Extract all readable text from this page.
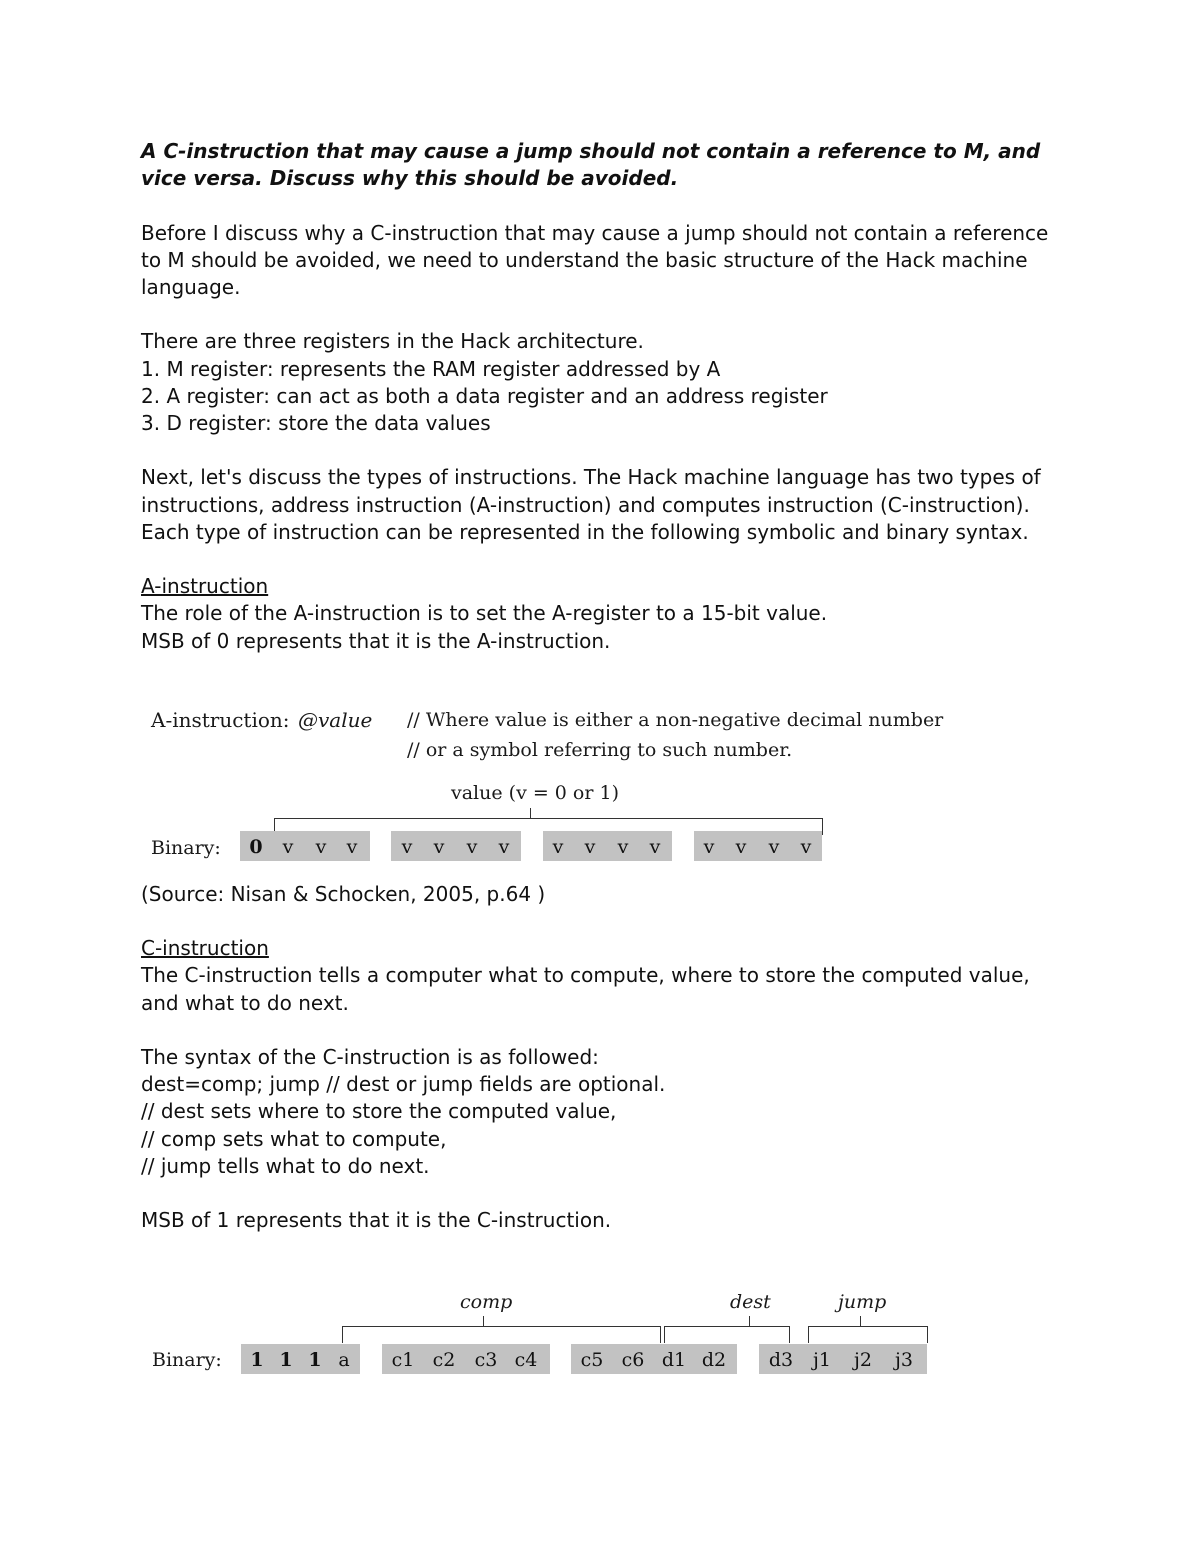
A C-instruction that may cause a jump should not contain a reference to M, and vice versa. Discuss why this should be avoided.

Before I discuss why a C-instruction that may cause a jump should not contain a reference to M should be avoided, we need to understand the basic structure of the Hack machine language.

There are three registers in the Hack architecture.

1. M register: represents the RAM register addressed by A

2. A register: can act as both a data register and an address register

3. D register: store the data values

Next, let's discuss the types of instructions. The Hack machine language has two types of instructions, address instruction (A-instruction) and computes instruction (C-instruction). Each type of instruction can be represented in the following symbolic and binary syntax.

A-instruction

The role of the A-instruction is to set the A-register to a 15-bit value.

MSB of 0 represents that it is the A-instruction.

A-instruction: @value // Where value is either a non-negative decimal number
// or a symbol referring to such number.
value (v = 0 or 1)
Binary: 0 v v v v v v v v v v v v v v v

(Source: Nisan & Schocken, 2005, p.64 )

C-instruction

The C-instruction tells a computer what to compute, where to store the computed value, and what to do next.

The syntax of the C-instruction is as followed:

dest=comp; jump // dest or jump fields are optional.

// dest sets where to store the computed value,

// comp sets what to compute,

// jump tells what to do next.

MSB of 1 represents that it is the C-instruction.

comp	dest	jump
Binary: 1 1 1 a c1 c2 c3 c4 c5 c6 d1 d2 d3 j1 j2 j3
